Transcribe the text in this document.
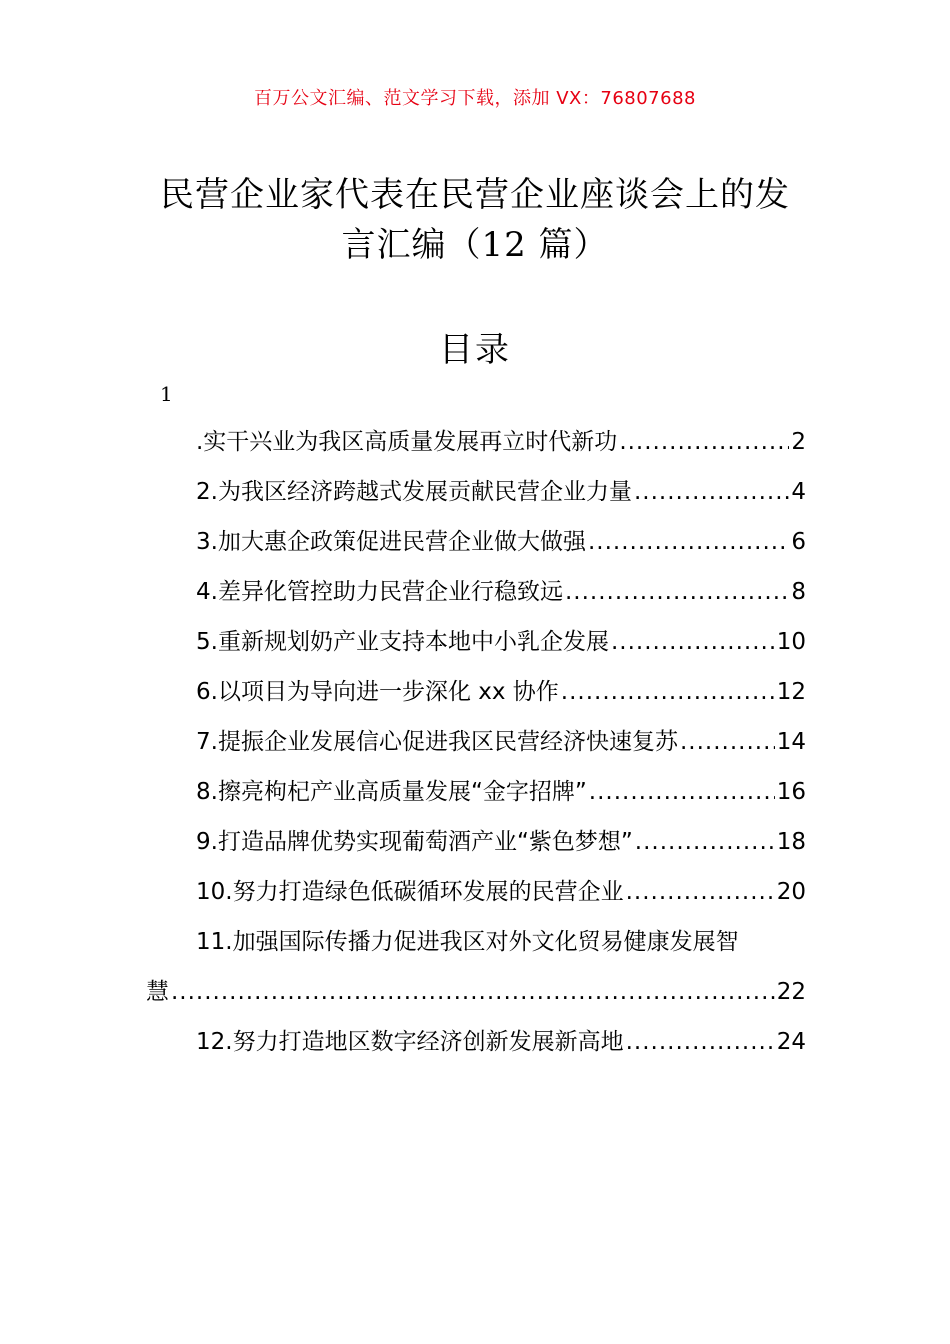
百万公文汇编、范文学习下载，添加 VX：76807688
民营企业家代表在民营企业座谈会上的发
言汇编（12 篇）
目录
1
.实干兴业为我区高质量发展再立时代新功 .....	2
2.为我区经济跨越式发展贡献民营企业力量 .....	4
3.加大惠企政策促进民营企业做大做强 .....	6
4.差异化管控助力民营企业行稳致远 .....	8
5.重新规划奶产业支持本地中小乳企发展 .....	10
6.以项目为导向进一步深化 xx 协作 .....	12
7.提振企业发展信心促进我区民营经济快速复苏 .....	14
8.擦亮枸杞产业高质量发展“金字招牌” .....	16
9.打造品牌优势实现葡萄酒产业“紫色梦想” .....	18
10.努力打造绿色低碳循环发展的民营企业 .....	20
11.加强国际传播力促进我区对外文化贸易健康发展智
慧 .....	22
12.努力打造地区数字经济创新发展新高地 .....	24
